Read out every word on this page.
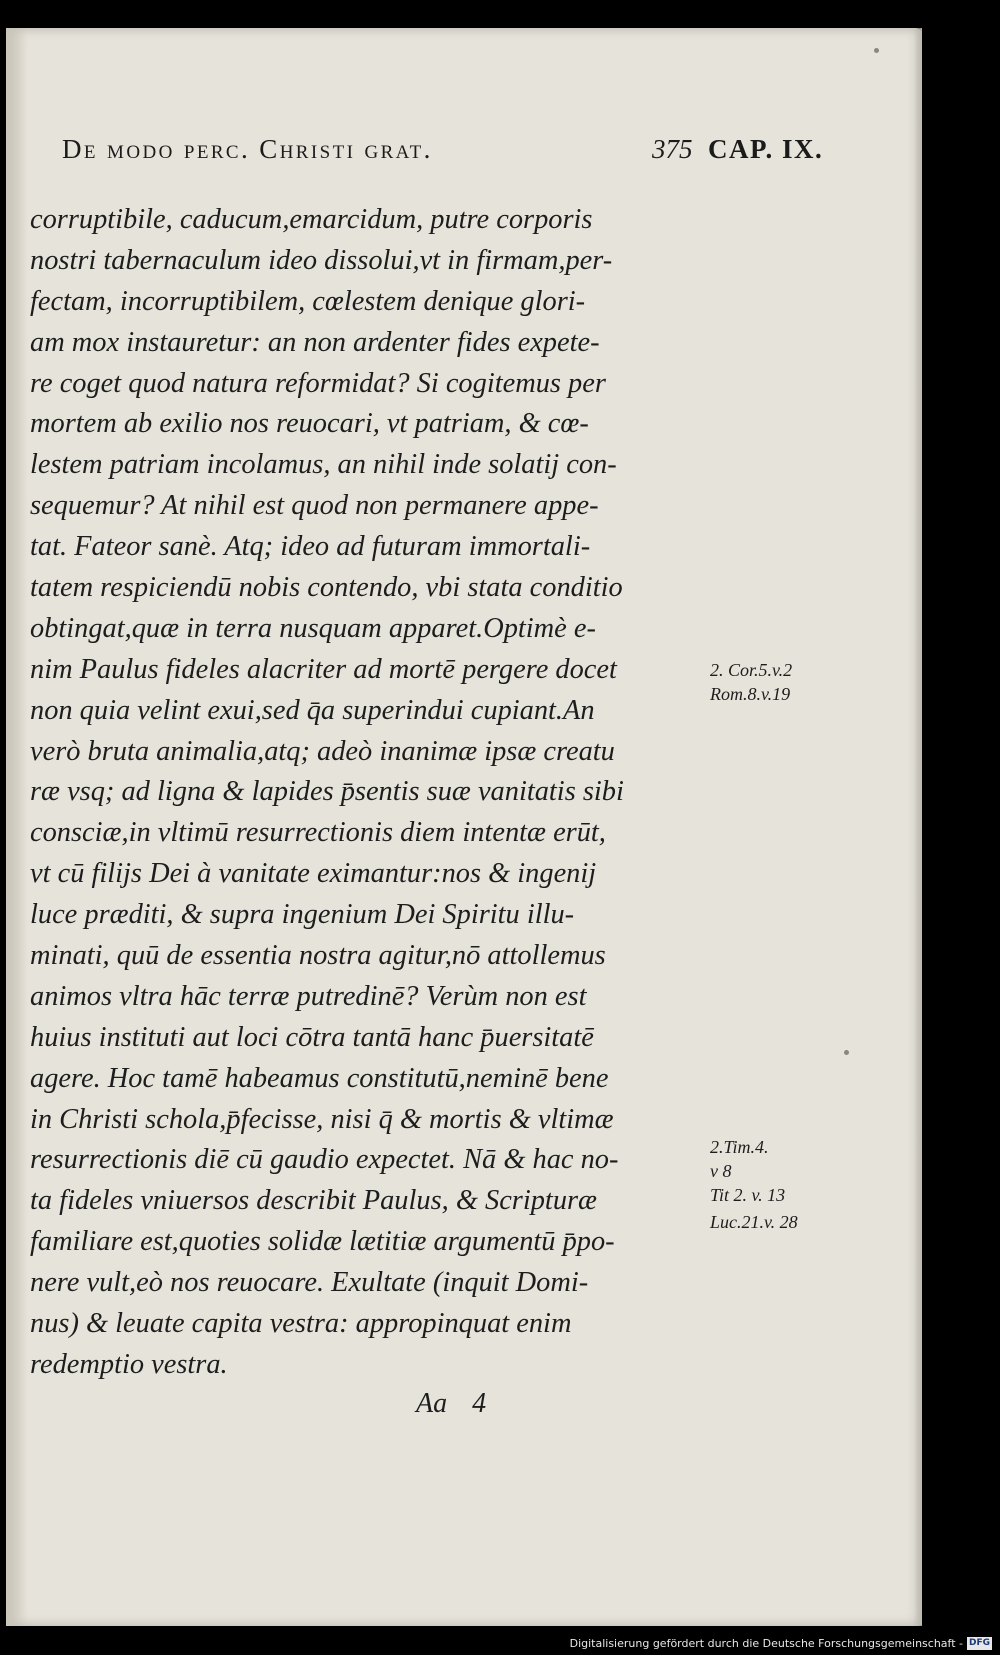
De modo perc. Christi grat.	375 CAP. IX.
corruptibile, caducum,emarcidum, putre corporis
nostri tabernaculum ideo dissolui,vt in firmam,per-
fectam, incorruptibilem, cœlestem denique glori-
am mox instauretur: an non ardenter fides expete-
re coget quod natura reformidat? Si cogitemus per
mortem ab exilio nos reuocari, vt patriam, & cœ-
lestem patriam incolamus, an nihil inde solatij con-
sequemur? At nihil est quod non permanere appe-
tat. Fateor sanè. Atq; ideo ad futuram immortali-
tatem respiciendū nobis contendo, vbi stata conditio
obtingat,quæ in terra nusquam apparet.Optimè e-
nim Paulus fideles alacriter ad mortē pergere docet
non quia velint exui,sed q̄a superindui cupiant.An
verò bruta animalia,atq; adeò inanimæ ipsæ creatu
ræ vsq; ad ligna & lapides p̄sentis suæ vanitatis sibi
consciæ,in vltimū resurrectionis diem intentæ erūt,
vt cū filijs Dei à vanitate eximantur:nos & ingenij
luce præditi, & supra ingenium Dei Spiritu illu-
minati, quū de essentia nostra agitur,nō attollemus
animos vltra hāc terræ putredinē? Verùm non est
huius instituti aut loci cōtra tantā hanc p̄uersitatē
agere. Hoc tamē habeamus constitutū,neminē bene
in Christi schola,p̄fecisse, nisi q̄ & mortis & vltimæ
resurrectionis diē cū gaudio expectet. Nā & hac no-
ta fideles vniuersos describit Paulus, & Scripturæ
familiare est,quoties solidæ lætitiæ argumentū p̄po-
nere vult,eò nos reuocare. Exultate (inquit Domi-
nus) & leuate capita vestra: appropinquat enim
redemptio vestra.
2. Cor.5.v.2
Rom.8.v.19
2.Tim.4.
v 8
Tit 2. v. 13
Luc.21.v. 28
Aa 4
Digitalisierung gefördert durch die Deutsche Forschungsgemeinschaft - DFG
